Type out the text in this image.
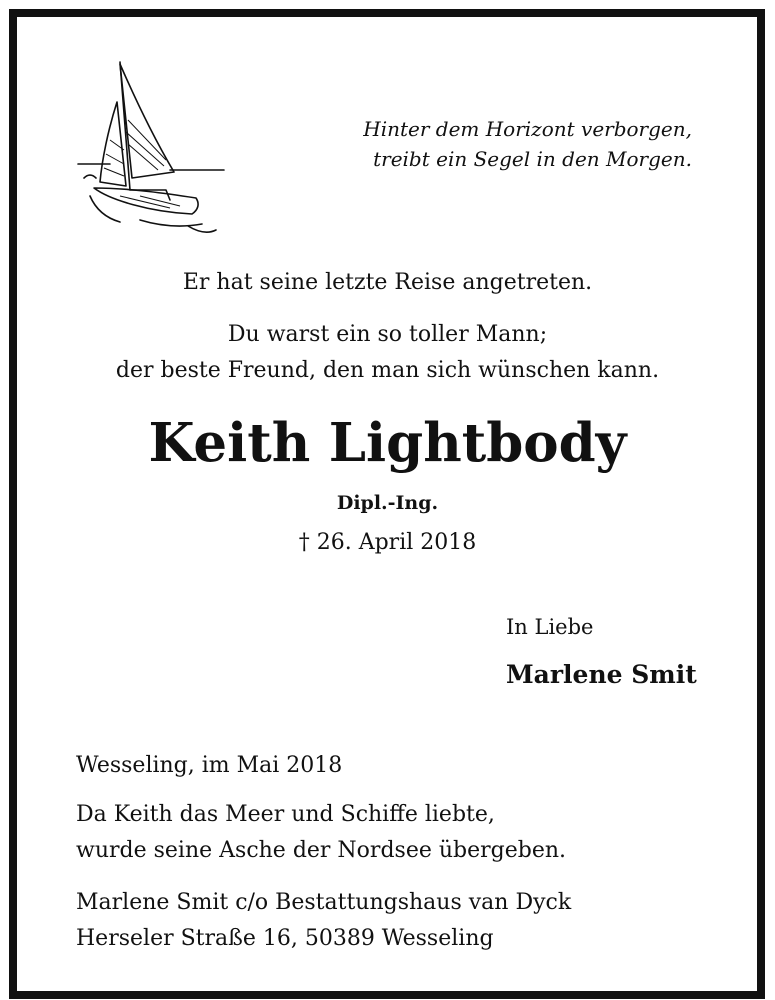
Hinter dem Horizont verborgen,
treibt ein Segel in den Morgen.
Er hat seine letzte Reise angetreten.
Du warst ein so toller Mann;
der beste Freund, den man sich wünschen kann.
Keith Lightbody
Dipl.-Ing.
† 26. April 2018
In Liebe
Marlene Smit
Wesseling, im Mai 2018
Da Keith das Meer und Schiffe liebte,
wurde seine Asche der Nordsee übergeben.
Marlene Smit c/o Bestattungshaus van Dyck
Herseler Straße 16, 50389 Wesseling
